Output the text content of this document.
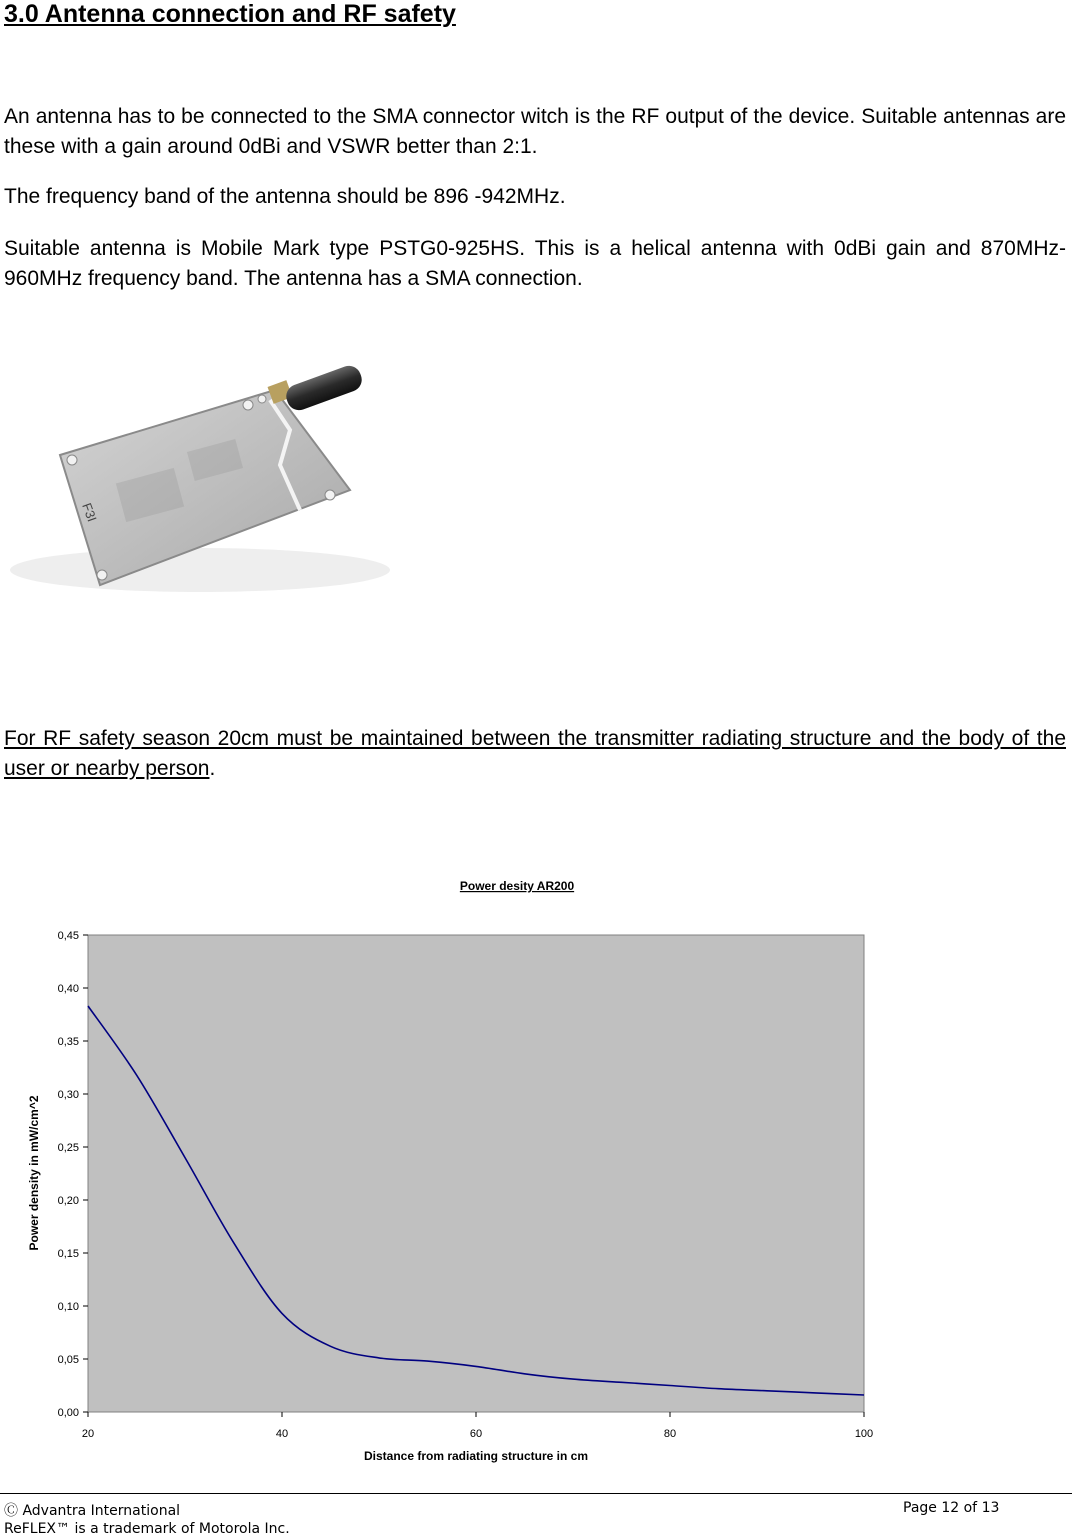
3.0 Antenna connection and RF safety

An antenna has to be connected to the SMA connector witch is the RF output of the device. Suitable antennas are these with a gain around 0dBi and VSWR better than 2:1.

The frequency band of the antenna should be 896 -942MHz.

Suitable antenna is Mobile Mark type PSTG0-925HS. This is a helical antenna with 0dBi gain and 870MHz-960MHz frequency band. The antenna has a SMA connection.

F3I

For RF safety season 20cm must be maintained between the transmitter radiating structure and the body of the user or nearby person.

Power desity AR200
0,00
0,05
0,10
0,15
0,20
0,25
0,30
0,35
0,40
0,45
20	40	60	80	100
Distance from radiating structure in cm
Power density in mW/cm^2
Ⓒ Advantra International
ReFLEX™ is a trademark of Motorola Inc.
Page 12 of 13
